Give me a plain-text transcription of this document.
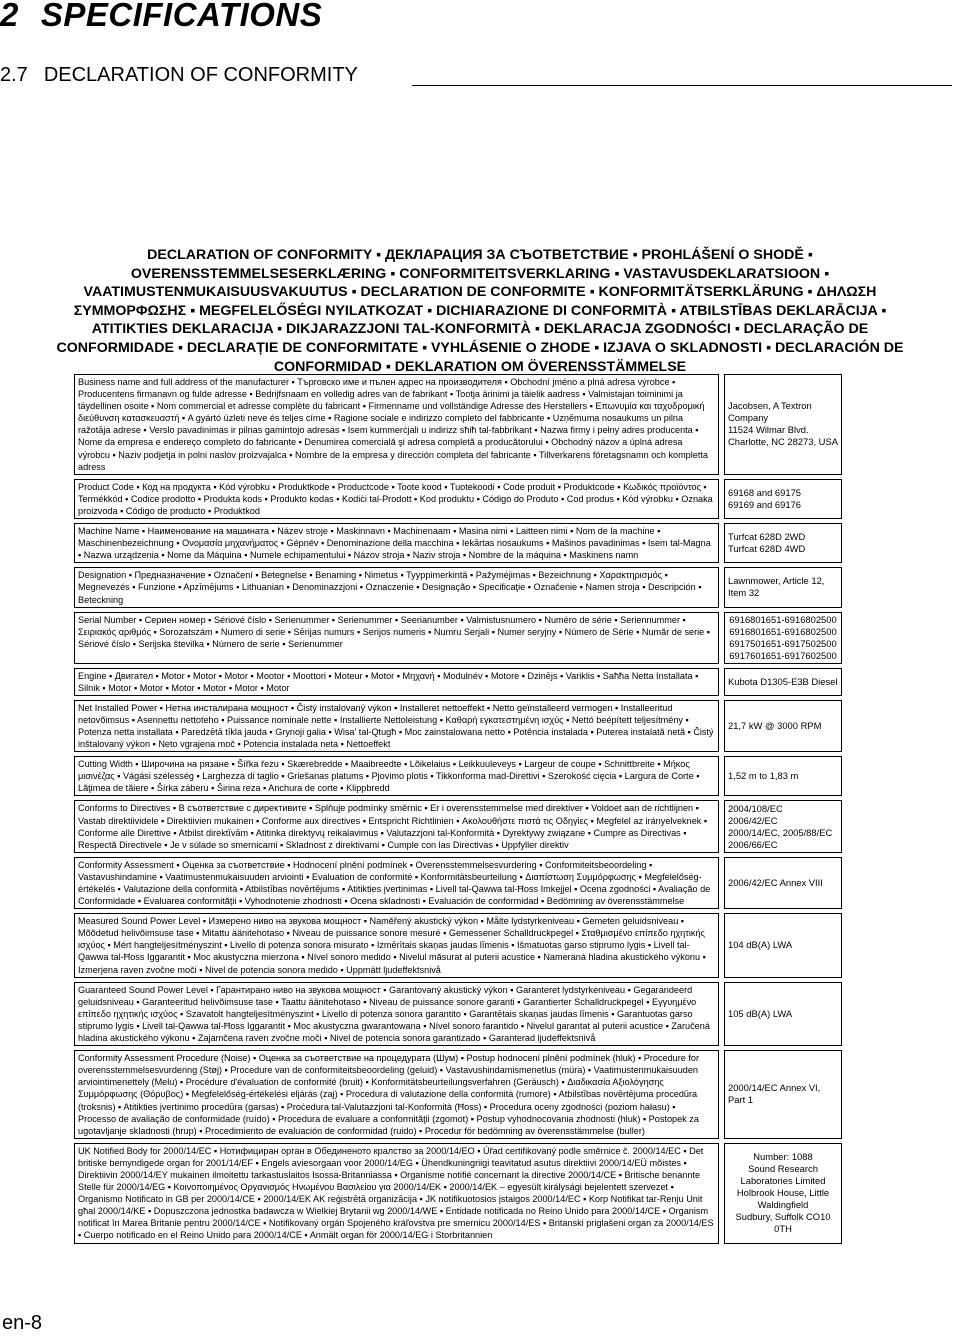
2 SPECIFICATIONS
2.7 DECLARATION OF CONFORMITY
DECLARATION OF CONFORMITY ▪ ДЕКЛАРАЦИЯ ЗА СЪОТВЕТСТВИЕ ▪ PROHLÁŠENÍ O SHODĚ ▪ OVERENSSTEMMELSESERKLÆRING ▪ CONFORMITEITSVERKLARING ▪ VASTAVUSDEKLARATSIOON ▪ VAATIMUSTENMUKAISUUSVAKUUTUS ▪ DECLARATION DE CONFORMITE ▪ KONFORMITÄTSERKLÄRUNG ▪ ΔΗΛΩΣΗ ΣΥΜΜΟΡΦΩΣΗΣ ▪ MEGFELELŐSÉGI NYILATKOZAT ▪ DICHIARAZIONE DI CONFORMITÀ ▪ ATBILSTĪBAS DEKLARĀCIJA ▪ ATITIKTIES DEKLARACIJA ▪ DIKJARAZZJONI TAL-KONFORMITÀ ▪ DEKLARACJA ZGODNOŚCI ▪ DECLARAÇÃO DE CONFORMIDADE ▪ DECLARAȚIE DE CONFORMITATE ▪ VYHLÁSENIE O ZHODE ▪ IZJAVA O SKLADNOSTI ▪ DECLARACIÓN DE CONFORMIDAD ▪ DEKLARATION OM ÖVERENSSTÄMMELSE
Business name and full address of the manufacturer ▪ Търговско име и пълен адрес на производителя ▪ Obchodní jméno a plná adresa výrobce ▪ Producentens firmanavn og fulde adresse ▪ Bedrijfsnaam en volledig adres van de fabrikant ▪ Tootja ärinimi ja täielik aadress ▪ Valmistajan toiminimi ja täydellinen osoite ▪ Nom commercial et adresse complète du fabricant ▪ Firmenname und vollständige Adresse des Herstellers ▪ Επωνυμία και ταχυδρομική διεύθυνση κατασκευαστή ▪ A gyártó üzleti neve és teljes címe ▪ Ragione sociale e indirizzo completo del fabbricante ▪ Uzņēmuma nosaukums un pilna ražotāja adrese ▪ Verslo pavadinimas ir pilnas gamintojo adresas ▪ Isem kummerċjali u indirizz sħiħ tal-fabbrikant ▪ Nazwa firmy i pełny adres producenta ▪ Nome da empresa e endereço completo do fabricante ▪ Denumirea comercială şi adresa completă a producătorului ▪ Obchodný názov a úplná adresa výrobcu ▪ Naziv podjetja in polni naslov proizvajalca ▪ Nombre de la empresa y dirección completa del fabricante ▪ Tillverkarens företagsnamn och kompletta adress
Jacobsen, A Textron Company
11524 Wilmar Blvd.
Charlotte, NC 28273, USA
Product Code ▪ Код на продукта ▪ Kód výrobku ▪ Produktkode ▪ Productcode ▪ Toote kood ▪ Tuotekoodi ▪ Code produit ▪ Produktcode ▪ Κωδικός προϊόντος ▪ Termékkód ▪ Codice prodotto ▪ Produkta kods ▪ Produkto kodas ▪ Kodiċi tal-Prodott ▪ Kod produktu ▪ Código do Produto ▪ Cod produs ▪ Kód výrobku ▪ Oznaka proizvoda ▪ Código de producto ▪ Produktkod
69168 and 69175
69169 and 69176
Machine Name ▪ Наименование на машината ▪ Název stroje ▪ Maskinnavn ▪ Machinenaam ▪ Masina nimi ▪ Laitteen nimi ▪ Nom de la machine ▪ Maschinenbezeichnung ▪ Ονομασία μηχανήματος ▪ Gépnév ▪ Denominazione della macchina ▪ Iekārtas nosaukums ▪ Mašinos pavadinimas ▪ Isem tal-Magna ▪ Nazwa urządzenia ▪ Nome da Máquina ▪ Numele echipamentului ▪ Názov stroja ▪ Naziv stroja ▪ Nombre de la máquina ▪ Maskinens namn
Turfcat 628D 2WD
Turfcat 628D 4WD
Designation ▪ Предназначение ▪ Označení ▪ Betegnelse ▪ Benaming ▪ Nimetus ▪ Tyyppimerkintä ▪ Pažymėjimas ▪ Bezeichnung ▪ Χαρακτηρισμός ▪ Megnevezés ▪ Funzione ▪ Apzīmējums ▪ Lithuanian ▪ Denominazzjoni ▪ Oznaczenie ▪ Designação ▪ Specificaţie ▪ Označenie ▪ Namen stroja ▪ Descripción ▪ Beteckning
Lawnmower, Article 12, Item 32
Serial Number ▪ Сериен номер ▪ Sériové číslo ▪ Serienummer ▪ Serienummer ▪ Seerianumber ▪ Valmistusnumero ▪ Numéro de série ▪ Seriennummer ▪ Σειριακός αριθμός ▪ Sorozatszám ▪ Numero di serie ▪ Sērijas numurs ▪ Serijos numeris ▪ Numru Serjali ▪ Numer seryjny ▪ Número de Série ▪ Număr de serie ▪ Sériové číslo ▪ Serijska številka ▪ Número de serie ▪ Serienummer
6916801651-6916802500
6916801651-6916802500
6917501651-6917502500
6917601651-6917602500
Engine ▪ Двигател ▪ Motor ▪ Motor ▪ Motor ▪ Mootor ▪ Moottori ▪ Moteur ▪ Motor ▪ Μηχανή ▪ Modulnév ▪ Motore ▪ Dzinējs ▪ Variklis ▪ Saħħa Netta Installata ▪ Silnik ▪ Motor ▪ Motor ▪ Motor ▪ Motor ▪ Motor ▪ Motor
Kubota D1305-E3B Diesel
Net Installed Power ▪ Нетна инсталирана мощност ▪ Čistý instalovaný výkon ▪ Installeret nettoeffekt ▪ Netto geïnstalleerd vermogen ▪ Installeeritud netovõimsus ▪ Asennettu nettoteho ▪ Puissance nominale nette ▪ Installierte Nettoleistung ▪ Καθαρή εγκατεστημένη ισχύς ▪ Nettó beépített teljesítmény ▪ Potenza netta installata ▪ Paredzētā tīkla jauda ▪ Grynoji galia ▪ Wisa' tal-Qtugħ ▪ Moc zainstalowana netto ▪ Potência instalada ▪ Puterea instalată netă ▪ Čistý inštalovaný výkon ▪ Neto vgrajena moč ▪ Potencia instalada neta ▪ Nettoeffekt
21,7 kW @ 3000 RPM
Cutting Width ▪ Широчина на рязане ▪ Šířka řezu ▪ Skærebredde ▪ Maaibreedte ▪ Lõikelaius ▪ Leikkuuleveys ▪ Largeur de coupe ▪ Schnittbreite ▪ Μήκος μισινέζας ▪ Vágási szélesség ▪ Larghezza di taglio ▪ Griešanas platums ▪ Pjovimo plotis ▪ Tikkonforma mad-Direttivi ▪ Szerokość cięcia ▪ Largura de Corte ▪ Lăţimea de tăiere ▪ Šírka záberu ▪ Širina reza ▪ Anchura de corte ▪ Klippbredd
1,52 m to 1,83 m
Conforms to Directives ▪ В съответствие с директивите ▪ Splňuje podmínky směrnic ▪ Er i overensstemmelse med direktiver ▪ Voldoet aan de richtlijnen ▪ Vastab direktiividele ▪ Direktiivien mukainen ▪ Conforme aux directives ▪ Entspricht Richtlinien ▪ Ακολουθήστε πιστά τις Οδηγίες ▪ Megfelel az irányelveknek ▪ Conforme alle Direttive ▪ Atbilst direktīvām ▪ Atitinka direktyvų reikalavimus ▪ Valutazzjoni tal-Konformità ▪ Dyrektywy związane ▪ Cumpre as Directivas ▪ Respectă Directivele ▪ Je v súlade so smernicami ▪ Skladnost z direktivami ▪ Cumple con las Directivas ▪ Uppfyller direktiv
2004/108/EC
2006/42/EC
2000/14/EC, 2005/88/EC
2006/66/EC
Conformity Assessment ▪ Оценка за съответствие ▪ Hodnocení plnění podmínek ▪ Overensstemmelsesvurdering ▪ Conformiteitsbeoordeling ▪ Vastavushindamine ▪ Vaatimustenmukaisuuden arviointi ▪ Evaluation de conformité ▪ Konformitätsbeurteilung ▪ Διαπίστωση Συμμόρφωσης ▪ Megfelelőség-értékelés ▪ Valutazione della conformità ▪ Atbilstības novērtējums ▪ Atitikties įvertinimas ▪ Livell tal-Qawwa tal-Ħoss Imkejjel ▪ Ocena zgodności ▪ Avaliação de Conformidade ▪ Evaluarea conformităţii ▪ Vyhodnotenie zhodnosti ▪ Ocena skladnosti ▪ Evaluación de conformidad ▪ Bedömning av överensstämmelse
2006/42/EC Annex VIII
Measured Sound Power Level ▪ Измерено ниво на звукова мощност ▪ Naměřený akustický výkon ▪ Målte lydstyrkeniveau ▪ Gemeten geluidsniveau ▪ Mõõdetud helivõimsuse tase ▪ Mitattu äänitehotaso ▪ Niveau de puissance sonore mesuré ▪ Gemessener Schalldruckpegel ▪ Σταθμισμένο επίπεδο ηχητικής ισχύος ▪ Mért hangteljesítményszint ▪ Livello di potenza sonora misurato ▪ Izmērītais skaņas jaudas līmenis ▪ Išmatuotas garso stiprumo lygis ▪ Livell tal-Qawwa tal-Ħoss Iggarantit ▪ Moc akustyczna mierzona ▪ Nível sonoro medido ▪ Nivelul măsurat al puterii acustice ▪ Nameraná hladina akustického výkonu ▪ Izmerjena raven zvočne moči ▪ Nivel de potencia sonora medido ▪ Uppmätt ljudeffektsnivå
104 dB(A) LWA
Guaranteed Sound Power Level ▪ Гарантирано ниво на звукова мощност ▪ Garantovaný akustický výkon ▪ Garanteret lydstyrkeniveau ▪ Gegarandeerd geluidsniveau ▪ Garanteeritud helivõimsuse tase ▪ Taattu äänitehotaso ▪ Niveau de puissance sonore garanti ▪ Garantierter Schalldruckpegel ▪ Εγγυημένο επίπεδο ηχητικής ισχύος ▪ Szavatolt hangteljesítményszint ▪ Livello di potenza sonora garantito ▪ Garantētais skaņas jaudas līmenis ▪ Garantuotas garso stiprumo lygis ▪ Livell tal-Qawwa tal-Ħoss Iggarantit ▪ Moc akustyczna gwarantowana ▪ Nível sonoro farantido ▪ Nivelul garantat al puterii acustice ▪ Zaručená hladina akustického výkonu ▪ Zajamčena raven zvočne moči ▪ Nivel de potencia sonora garantizado ▪ Garanterad ljudeffektsnivå
105 dB(A) LWA
Conformity Assessment Procedure (Noise) ▪ Оценка за съответствие на процедурата (Шум) ▪ Postup hodnocení plnění podmínek (hluk) ▪ Procedure for overensstemmelsesvurdering (Støj) ▪ Procedure van de conformiteitsbeoordeling (geluid) ▪ Vastavushindamismenetlus (müra) ▪ Vaatimustenmukaisuuden arviointimenettely (Melu) ▪ Procédure d'évaluation de conformité (bruit) ▪ Konformitätsbeurteilungsverfahren (Geräusch) ▪ Διαδικασία Αξιολόγησης Συμμόρφωσης (Θόρυβος) ▪ Megfelelőség-értékelési eljárás (zaj) ▪ Procedura di valutazione della conformità (rumore) ▪ Atbilstības novērtējuma procedūra (troksnis) ▪ Atitikties įvertinimo procedūra (garsas) ▪ Proċedura tal-Valutazzjoni tal-Konformità (Ħoss) ▪ Procedura oceny zgodności (poziom hałasu) ▪ Processo de avaliação de conformidade (ruído) ▪ Procedura de evaluare a conformităţii (zgomot) ▪ Postup vyhodnocovania zhodnosti (hluk) ▪ Postopek za ugotavljanje skladnosti (hrup) ▪ Procedimiento de evaluación de conformidad (ruido) ▪ Procedur för bedömning av överensstämmelse (buller)
2000/14/EC Annex VI, Part 1
UK Notified Body for 2000/14/EC ▪ Нотифициран орган в Обединеното кралство за 2000/14/ЕО ▪ Úřad certifikovaný podle směrnice č. 2000/14/EC ▪ Det britiske bemyndigede organ for 2001/14/EF ▪ Engels aviesorgaan voor 2000/14/EG ▪ Ühendkuningriigi teavitatud asutus direktiivi 2000/14/EÜ mõistes ▪ Direktiivin 2000/14/EY mukainen ilmoitettu tarkastuslaitos Isossa-Britanniassa ▪ Organisme notifié concernant la directive 2000/14/CE ▪ Britische benannte Stelle für 2000/14/EG ▪ Κοινοποιημένος Οργανισμός Ηνωμένου Βασιλείου για 2000/14/ΕΚ ▪ 2000/14/EK – egyesült királysági bejelentett szervezet ▪ Organismo Notificato in GB per 2000/14/CE ▪ 2000/14/EK AK reģistrētā organizācija ▪ JK notifikuotosios įstaigos 2000/14/EC ▪ Korp Notifikat tar-Renju Unit għal 2000/14/KE ▪ Dopuszczona jednostka badawcza w Wielkiej Brytanii wg 2000/14/WE ▪ Entidade notificada no Reino Unido para 2000/14/CE ▪ Organism notificat în Marea Britanie pentru 2000/14/CE ▪ Notifikovaný orgán Spojeného kráľovstva pre smernicu 2000/14/ES ▪ Britanski priglašeni organ za 2000/14/ES ▪ Cuerpo notificado en el Reino Unido para 2000/14/CE ▪ Anmält organ för 2000/14/EG i Storbritannien
Number: 1088
Sound Research Laboratories Limited
Holbrook House, Little Waldingfield
Sudbury, Suffolk CO10 0TH
en-8
